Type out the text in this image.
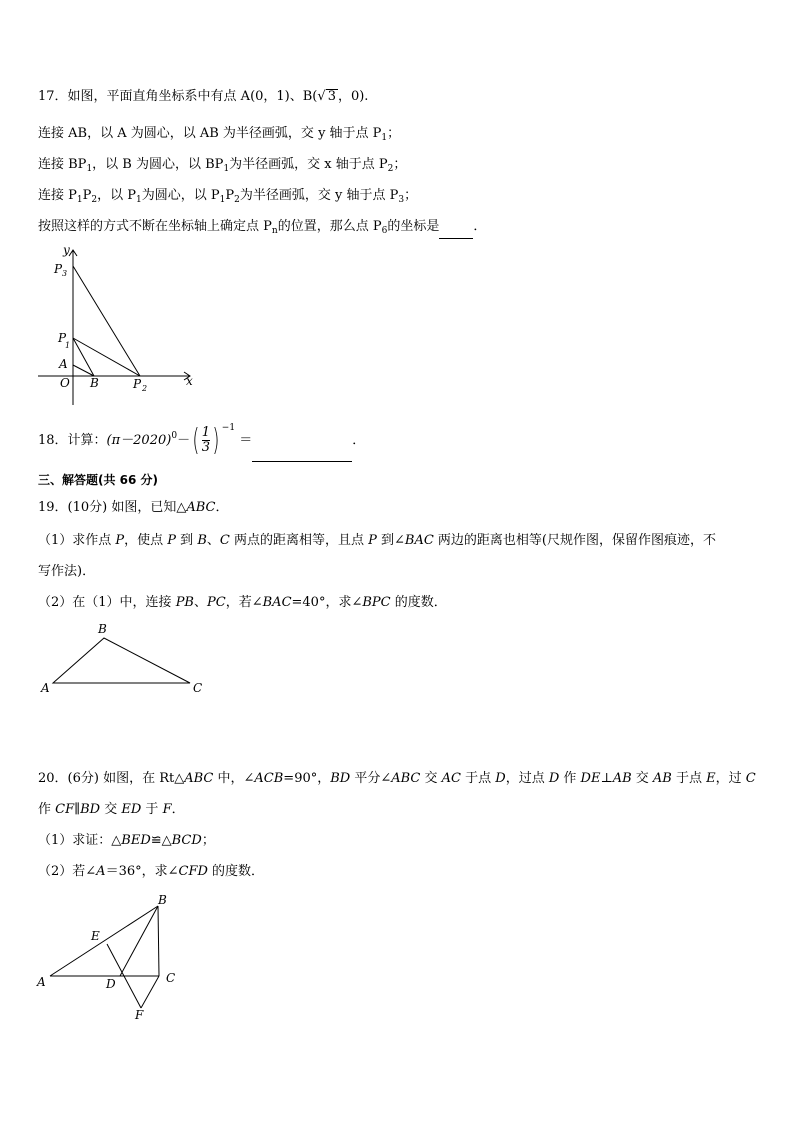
17．如图，平面直角坐标系中有点 A(0，1)、B(√ 3 ，0).
连接 AB，以 A 为圆心，以 AB 为半径画弧，交 y 轴于点 $P_1$；
连接 $BP_1$，以 B 为圆心，以 $BP_1$为半径画弧，交 x 轴于点 $P_2$；
连接 $P_1P_2$，以 $P_1$为圆心，以 $P_1P_2$为半径画弧，交 y 轴于点 $P_3$；
按照这样的方式不断在坐标轴上确定点 $P_n$的位置，那么点 $P_6$的坐标是	．
y
P 3
P
1
A
O B	P 2
x
18．计算：$(\pi-2020)^0-( \frac{1}{3}$ ) $^{-1}$ ＝	．
三、解答题(共 66 分)
19．(10分) 如图，已知△ABC．
（1）求作点 P，使点 P 到 B、C 两点的距离相等，且点 P 到∠BAC 两边的距离也相等(尺规作图，保留作图痕迹，不
写作法)．
（2）在（1）中，连接 PB、PC，若∠BAC=40°，求∠BPC 的度数．
B
A	C
20．(6分) 如图，在 Rt△ABC 中，∠ACB=90°，BD 平分∠ABC 交 AC 于点 D，过点 D 作 DE⊥AB 交 AB 于点 E，过 C
作 CF∥BD 交 ED 于 F．
（1）求证：△BED≌△BCD；
（2）若∠A＝36°，求∠CFD 的度数．
B
E
A	D	C
F
